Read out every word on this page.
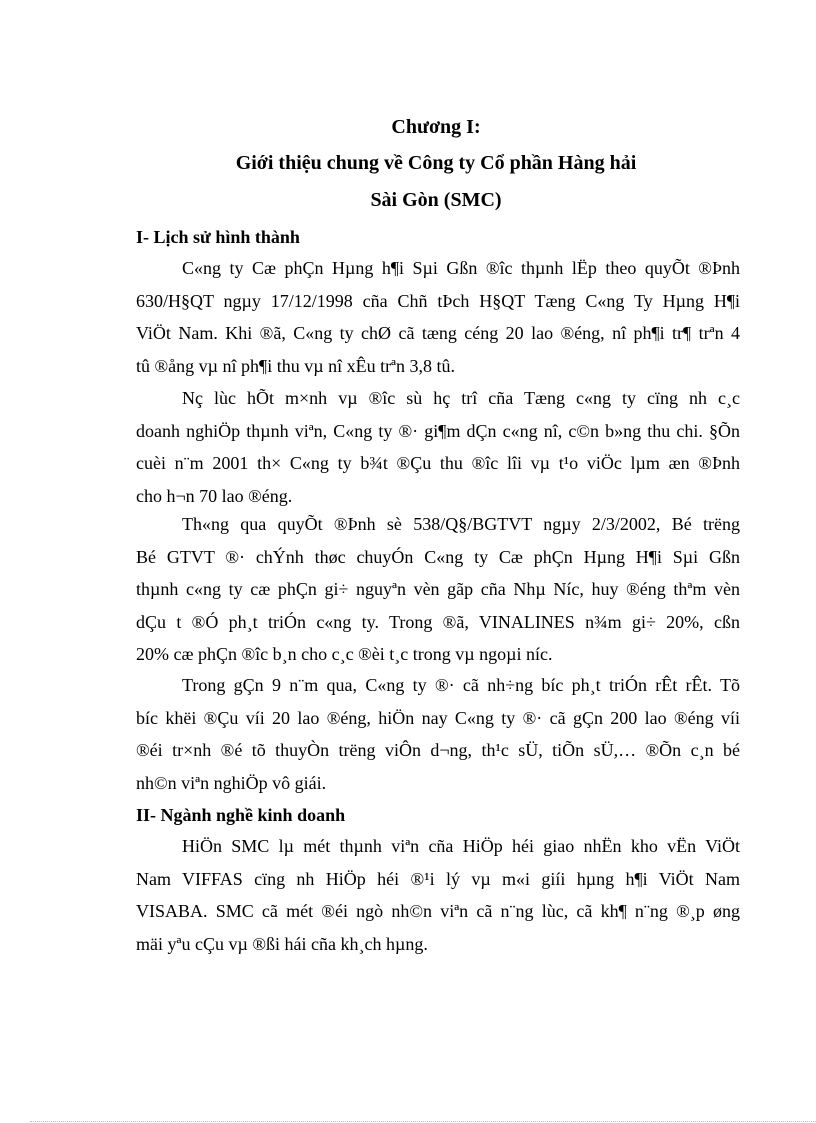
Chương I:
Giới thiệu chung về Công ty Cổ phần Hàng hải
Sài Gòn (SMC)
I- Lịch sử hình thành
C«ng ty Cæ phÇn Hµng h¶i Sµi Gßn ®îc thµnh lËp theo quyÕt ®Þnh
630/H§QT ngµy 17/12/1998 cña Chñ tÞch H§QT Tæng C«ng Ty Hµng H¶i
ViÖt Nam. Khi ®ã, C«ng ty chØ cã tæng céng 20 lao ®éng, nî ph¶i tr¶ trªn 4
tû ®ång vµ nî ph¶i thu vµ nî xÊu trªn 3,8 tû.
Nç lùc hÕt m×nh vµ ®îc sù hç trî cña Tæng c«ng ty cïng nh c¸c
doanh nghiÖp thµnh viªn, C«ng ty ®· gi¶m dÇn c«ng nî, c©n b»ng thu chi. §Õn
cuèi n¨m 2001 th× C«ng ty b¾t ®Çu thu ®îc lîi vµ t¹o viÖc lµm æn ®Þnh
cho h¬n 70 lao ®éng.
Th«ng qua quyÕt ®Þnh sè 538/Q§/BGTVT ngµy 2/3/2002, Bé trëng
Bé GTVT ®· chÝnh thøc chuyÓn C«ng ty Cæ phÇn Hµng H¶i Sµi Gßn
thµnh c«ng ty cæ phÇn gi÷ nguyªn vèn gãp cña Nhµ Níc, huy ®éng thªm vèn
dÇu t ®Ó ph¸t triÓn c«ng ty. Trong ®ã, VINALINES n¾m gi÷ 20%, cßn
20% cæ phÇn ®îc b¸n cho c¸c ®èi t¸c trong vµ ngoµi níc.
Trong gÇn 9 n¨m qua, C«ng ty ®· cã nh÷ng bíc ph¸t triÓn rÊt rÊt. Tõ
bíc khëi ®Çu víi 20 lao ®éng, hiÖn nay C«ng ty ®· cã gÇn 200 lao ®éng víi
®éi tr×nh ®é tõ thuyÒn trëng viÔn d¬ng, th¹c sÜ, tiÕn sÜ,… ®Õn c¸n bé
nh©n viªn nghiÖp vô giái.
II- Ngành nghề kinh doanh
HiÖn SMC lµ mét thµnh viªn cña HiÖp héi giao nhËn kho vËn ViÖt
Nam VIFFAS cïng nh HiÖp héi ®¹i lý vµ m«i giíi hµng h¶i ViÖt Nam
VISABA. SMC cã mét ®éi ngò nh©n viªn cã n¨ng lùc, cã kh¶ n¨ng ®¸p øng
mäi yªu cÇu vµ ®ßi hái cña kh¸ch hµng.
